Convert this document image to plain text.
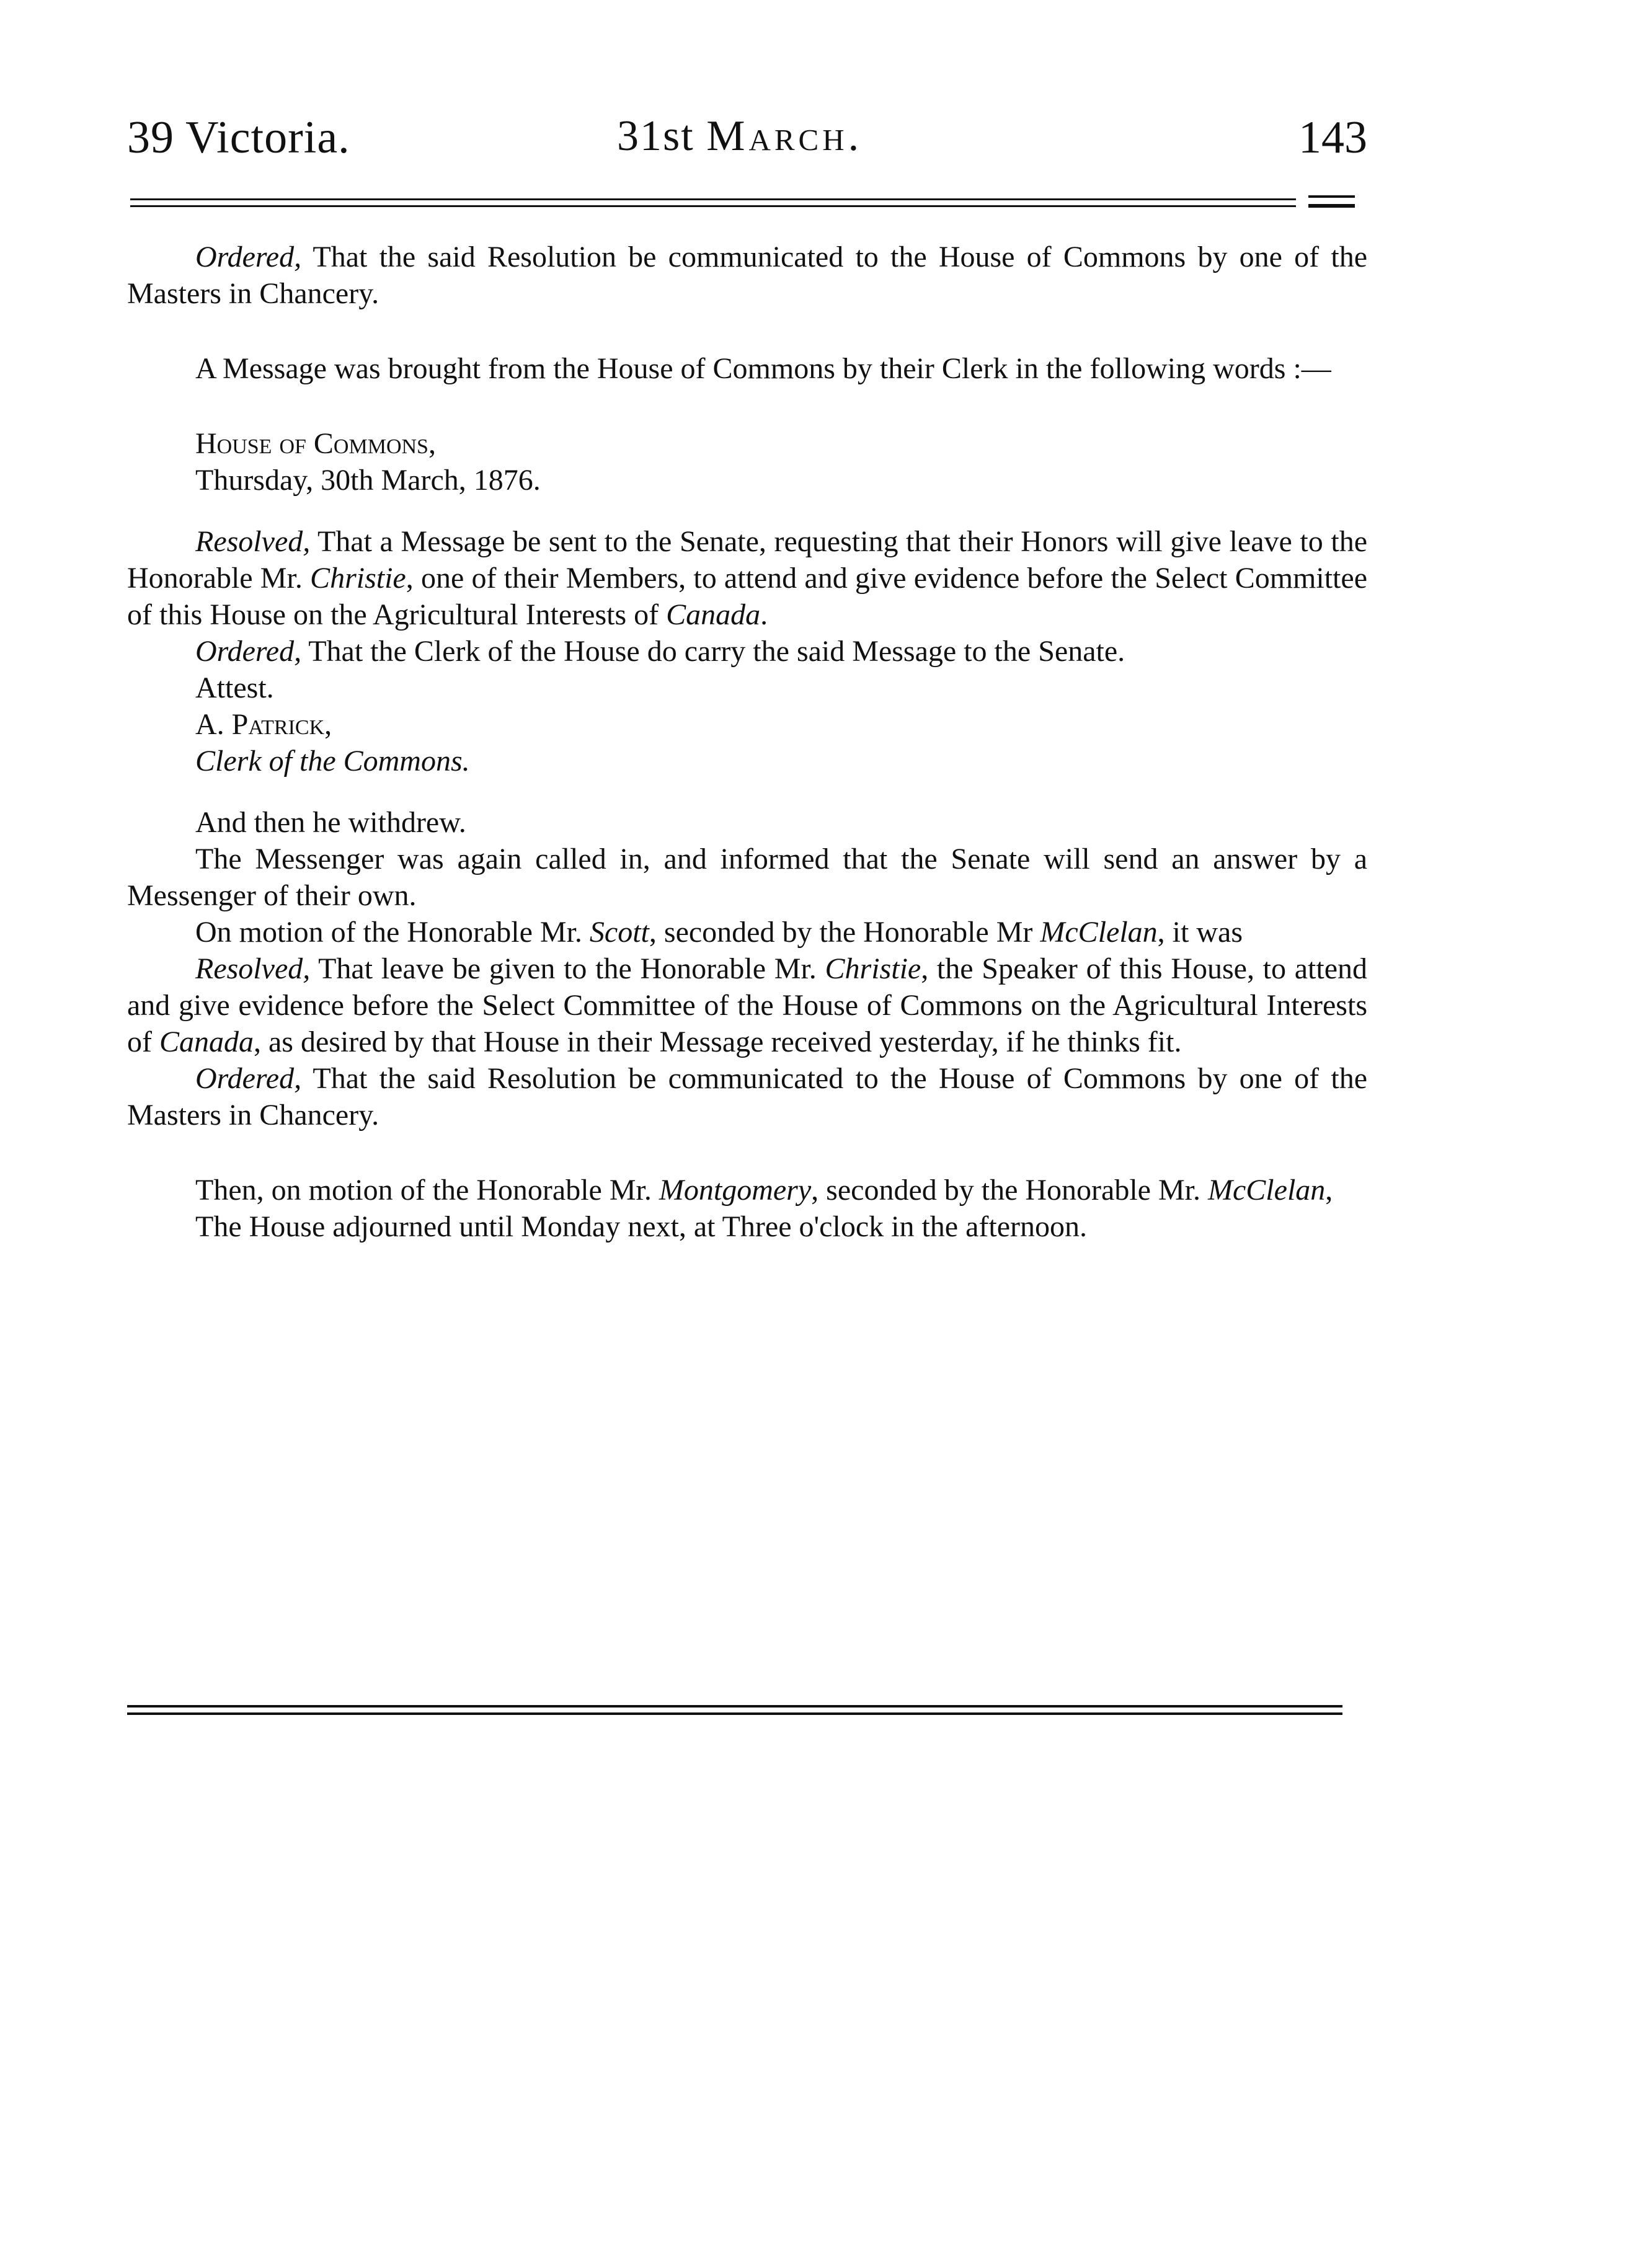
39 Victoria.	31st March.	143

Ordered, That the said Resolution be communicated to the House of Commons by one of the Masters in Chancery.

A Message was brought from the House of Commons by their Clerk in the following words :—

House of Commons,

Thursday, 30th March, 1876.

Resolved, That a Message be sent to the Senate, requesting that their Honors will give leave to the Honorable Mr. Christie, one of their Members, to attend and give evidence before the Select Committee of this House on the Agricultural Interests of Canada.

Ordered, That the Clerk of the House do carry the said Message to the Senate.

Attest.

A. Patrick,

Clerk of the Commons.

And then he withdrew.

The Messenger was again called in, and informed that the Senate will send an answer by a Messenger of their own.

On motion of the Honorable Mr. Scott, seconded by the Honorable Mr McClelan, it was

Resolved, That leave be given to the Honorable Mr. Christie, the Speaker of this House, to attend and give evidence before the Select Committee of the House of Commons on the Agricultural Interests of Canada, as desired by that House in their Message received yesterday, if he thinks fit.

Ordered, That the said Resolution be communicated to the House of Commons by one of the Masters in Chancery.

Then, on motion of the Honorable Mr. Montgomery, seconded by the Honorable Mr. McClelan,

The House adjourned until Monday next, at Three o'clock in the afternoon.
